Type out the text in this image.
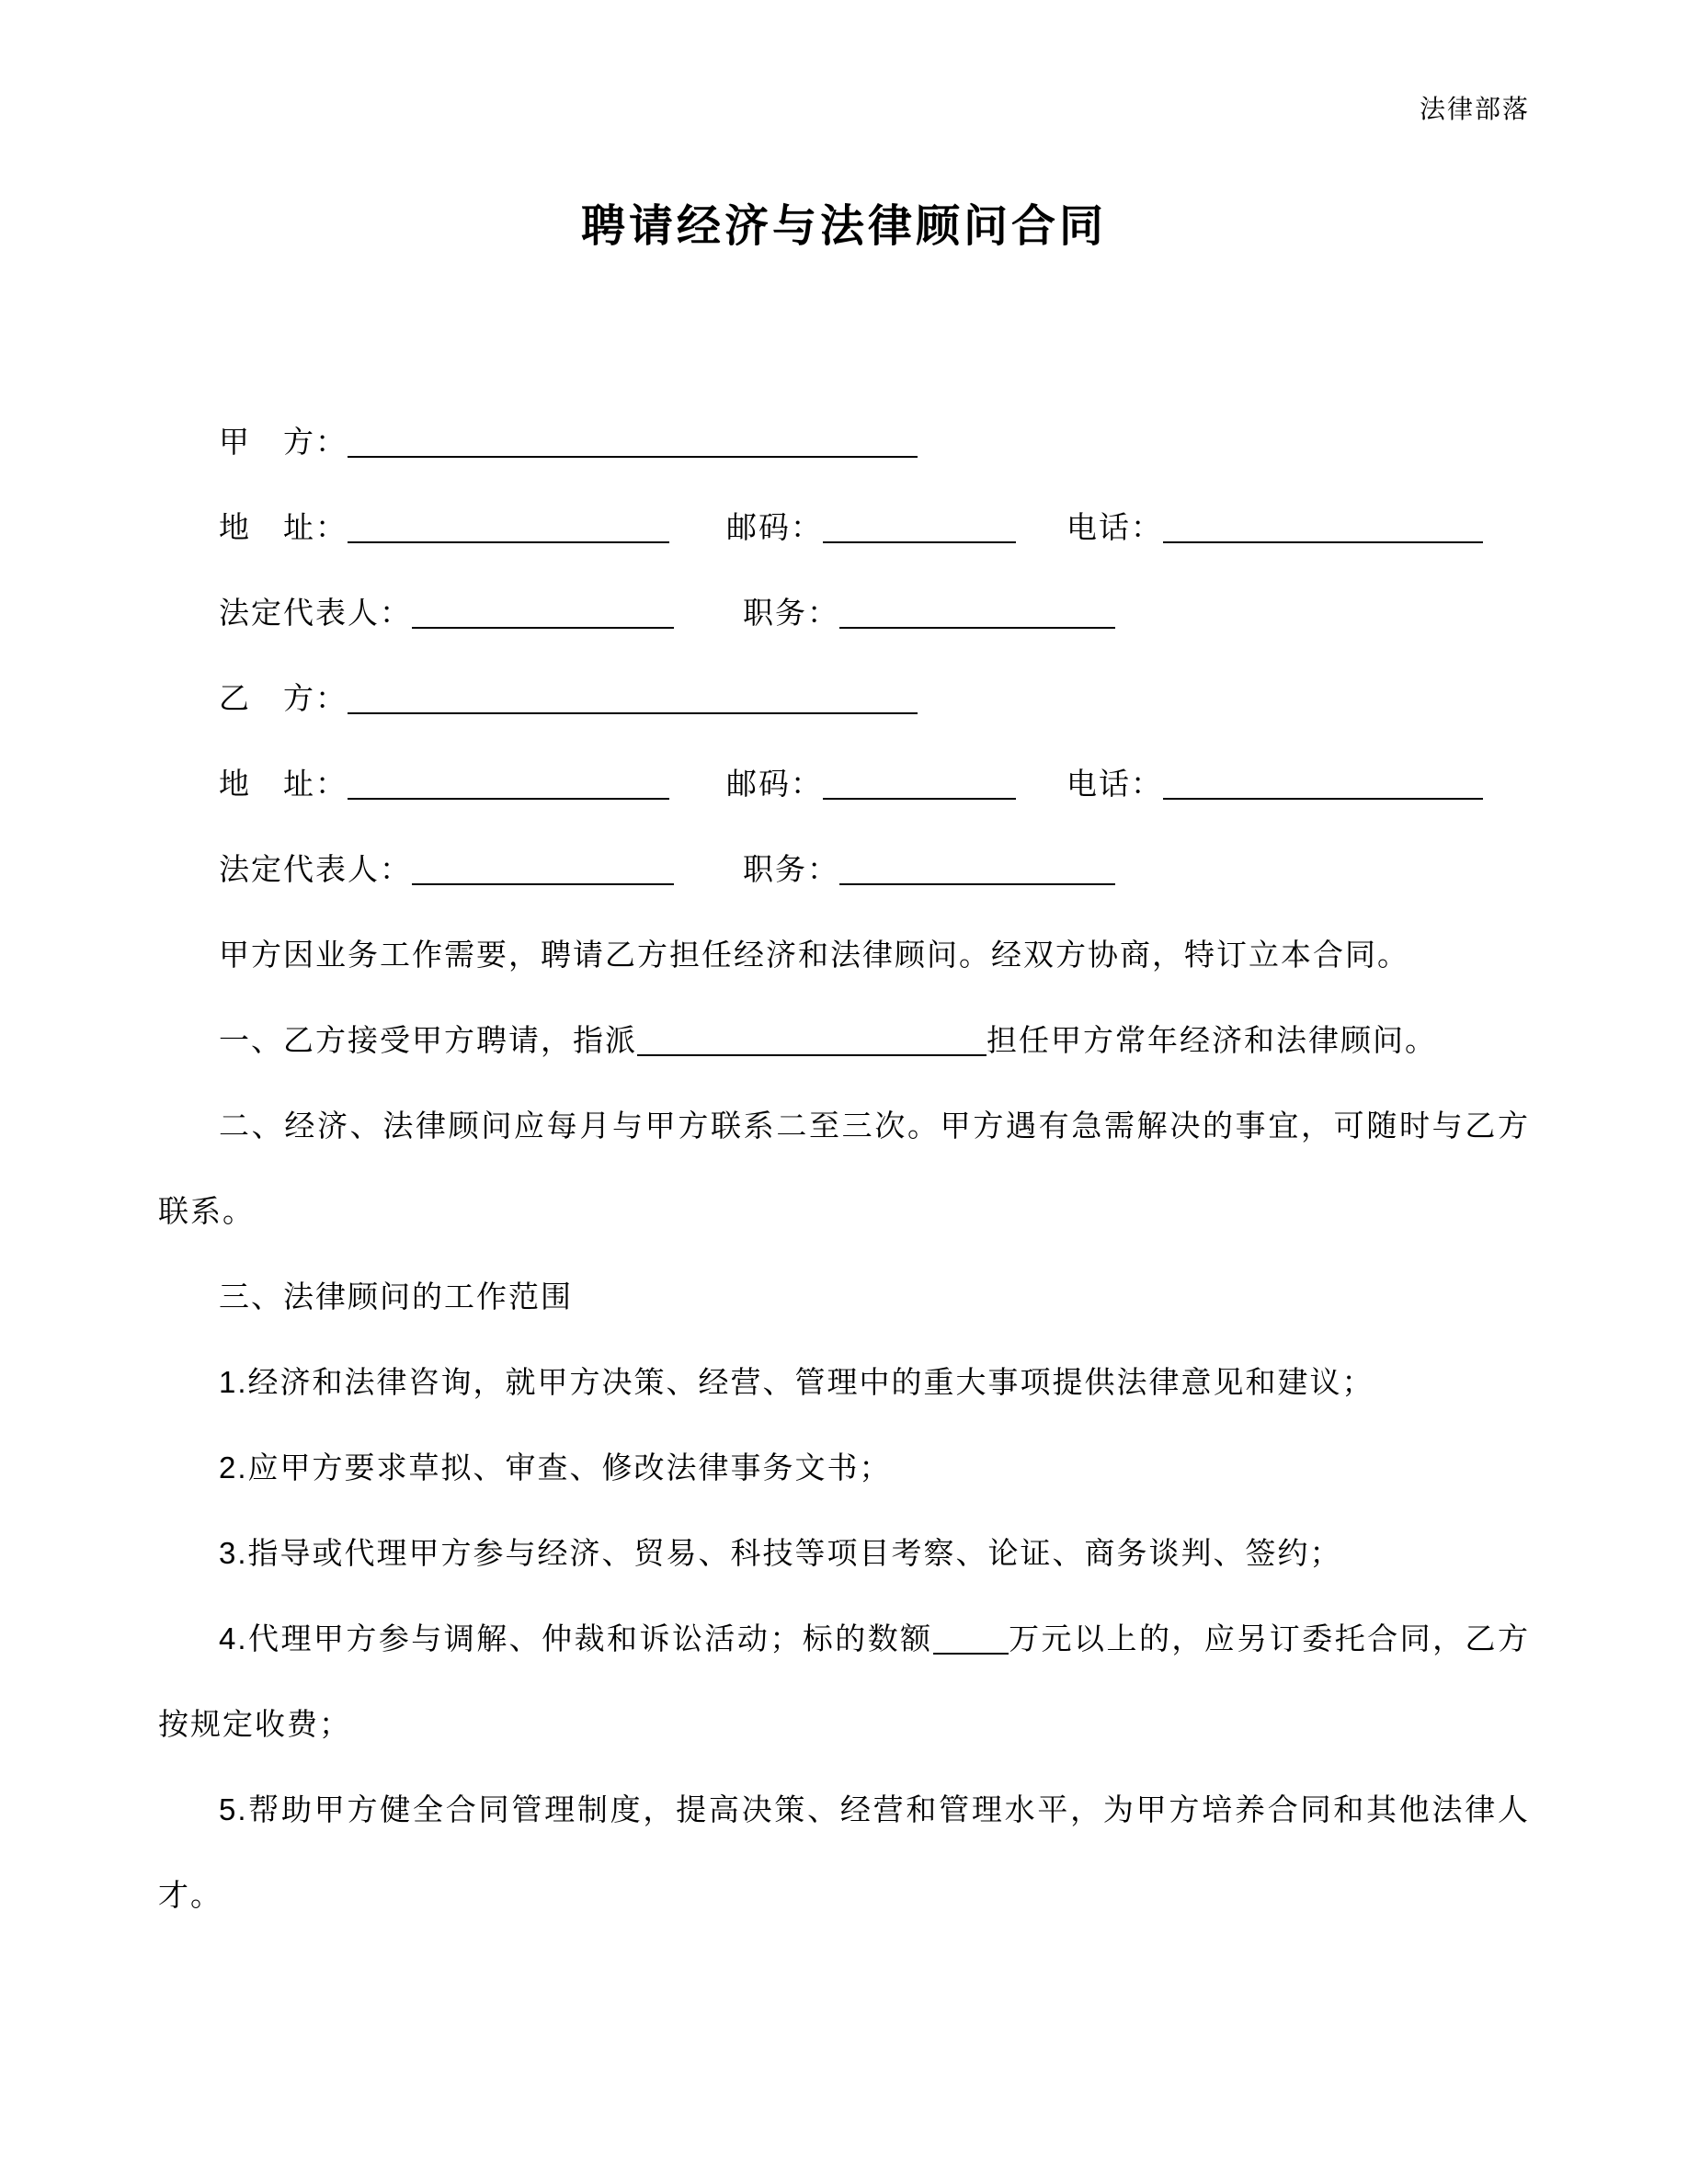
法律部落
聘请经济与法律顾问合同
甲　方：
地　址：	邮码：	电话：
法定代表人：	职务：
乙　方：
地　址：	邮码：	电话：
法定代表人：	职务：

甲方因业务工作需要，聘请乙方担任经济和法律顾问。经双方协商，特订立本合同。

一、乙方接受甲方聘请，指派	担任甲方常年经济和法律顾问。

二、经济、法律顾问应每月与甲方联系二至三次。甲方遇有急需解决的事宜，可随时与乙方联系。

三、法律顾问的工作范围

1.经济和法律咨询，就甲方决策、经营、管理中的重大事项提供法律意见和建议；

2.应甲方要求草拟、审查、修改法律事务文书；

3.指导或代理甲方参与经济、贸易、科技等项目考察、论证、商务谈判、签约；

4.代理甲方参与调解、仲裁和诉讼活动；标的数额 万元以上的，应另订委托合同，乙方按规定收费；

5.帮助甲方健全合同管理制度，提高决策、经营和管理水平，为甲方培养合同和其他法律人才。
